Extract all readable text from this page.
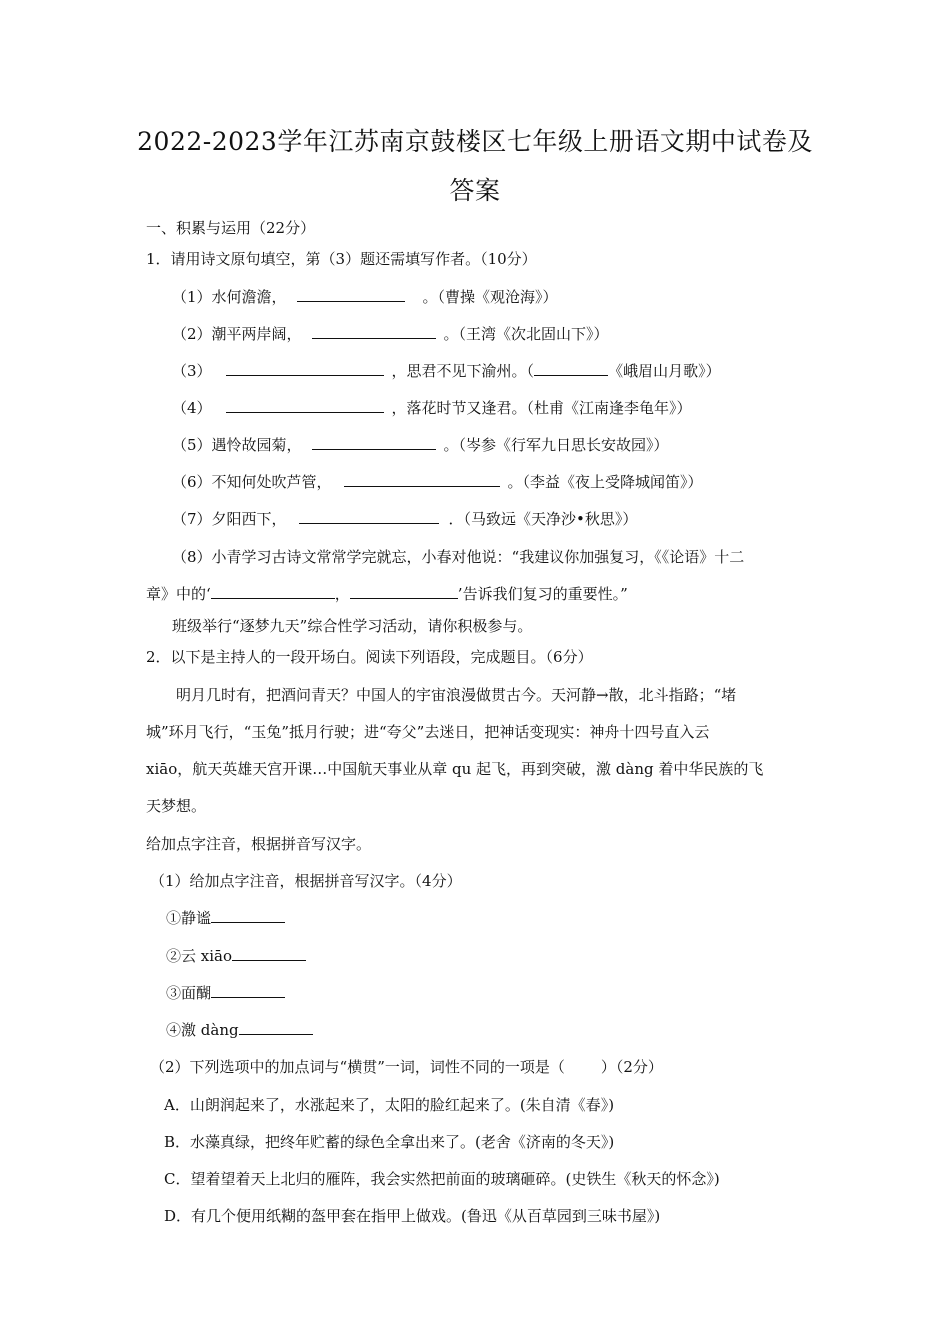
2022-2023学年江苏南京鼓楼区七年级上册语文期中试卷及
答案
一、积累与运用（22分）
1．请用诗文原句填空，第（3）题还需填写作者。（10分）
（1）水何澹澹，	。（曹操《观沧海》）
（2）潮平两岸阔，	。（王湾《次北固山下》）
（3）	，思君不见下渝州。（	《峨眉山月歌》）
（4）	，落花时节又逢君。（杜甫《江南逢李龟年》）
（5）遇怜故园菊，	。（岑参《行军九日思长安故园》）
（6）不知何处吹芦管，	。（李益《夜上受降城闻笛》）
（7）夕阳西下，	．（马致远《天净沙•秋思》）
（8）小青学习古诗文常常学完就忘，小春对他说：“我建议你加强复习，《《论语》十二
章》中的‘	，	’告诉我们复习的重要性。”
班级举行“逐梦九天”综合性学习活动，请你积极参与。
2．以下是主持人的一段开场白。阅读下列语段，完成题目。（6分）
明月几时有，把酒问青天？中国人的宇宙浪漫做贯古今。天河静→散，北斗指路；“堵
城”环月飞行，“玉兔”抵月行驶；进“夸父”去迷日，把神话变现实：神舟十四号直入云
xiāo，航天英雄天宫开课…中国航天事业从章 qu 起飞，再到突破，激 dàng 着中华民族的飞
天梦想。
给加点字注音，根据拼音写汉字。
（1）给加点字注音，根据拼音写汉字。（4分）
①静谧
②云 xiāo
③面醐
④激 dàng
（2）下列选项中的加点词与“横贯”一词，词性不同的一项是（ ）（2分）
A．山朗润起来了，水涨起来了，太阳的脸红起来了。(朱自清《春》)
B．水藻真绿，把终年贮蓄的绿色全拿出来了。(老舍《济南的冬天》)
C．望着望着天上北归的雁阵，我会实然把前面的玻璃砸碎。(史铁生《秋天的怀念》)
D．有几个便用纸糊的盔甲套在指甲上做戏。(鲁迅《从百草园到三味书屋》)
